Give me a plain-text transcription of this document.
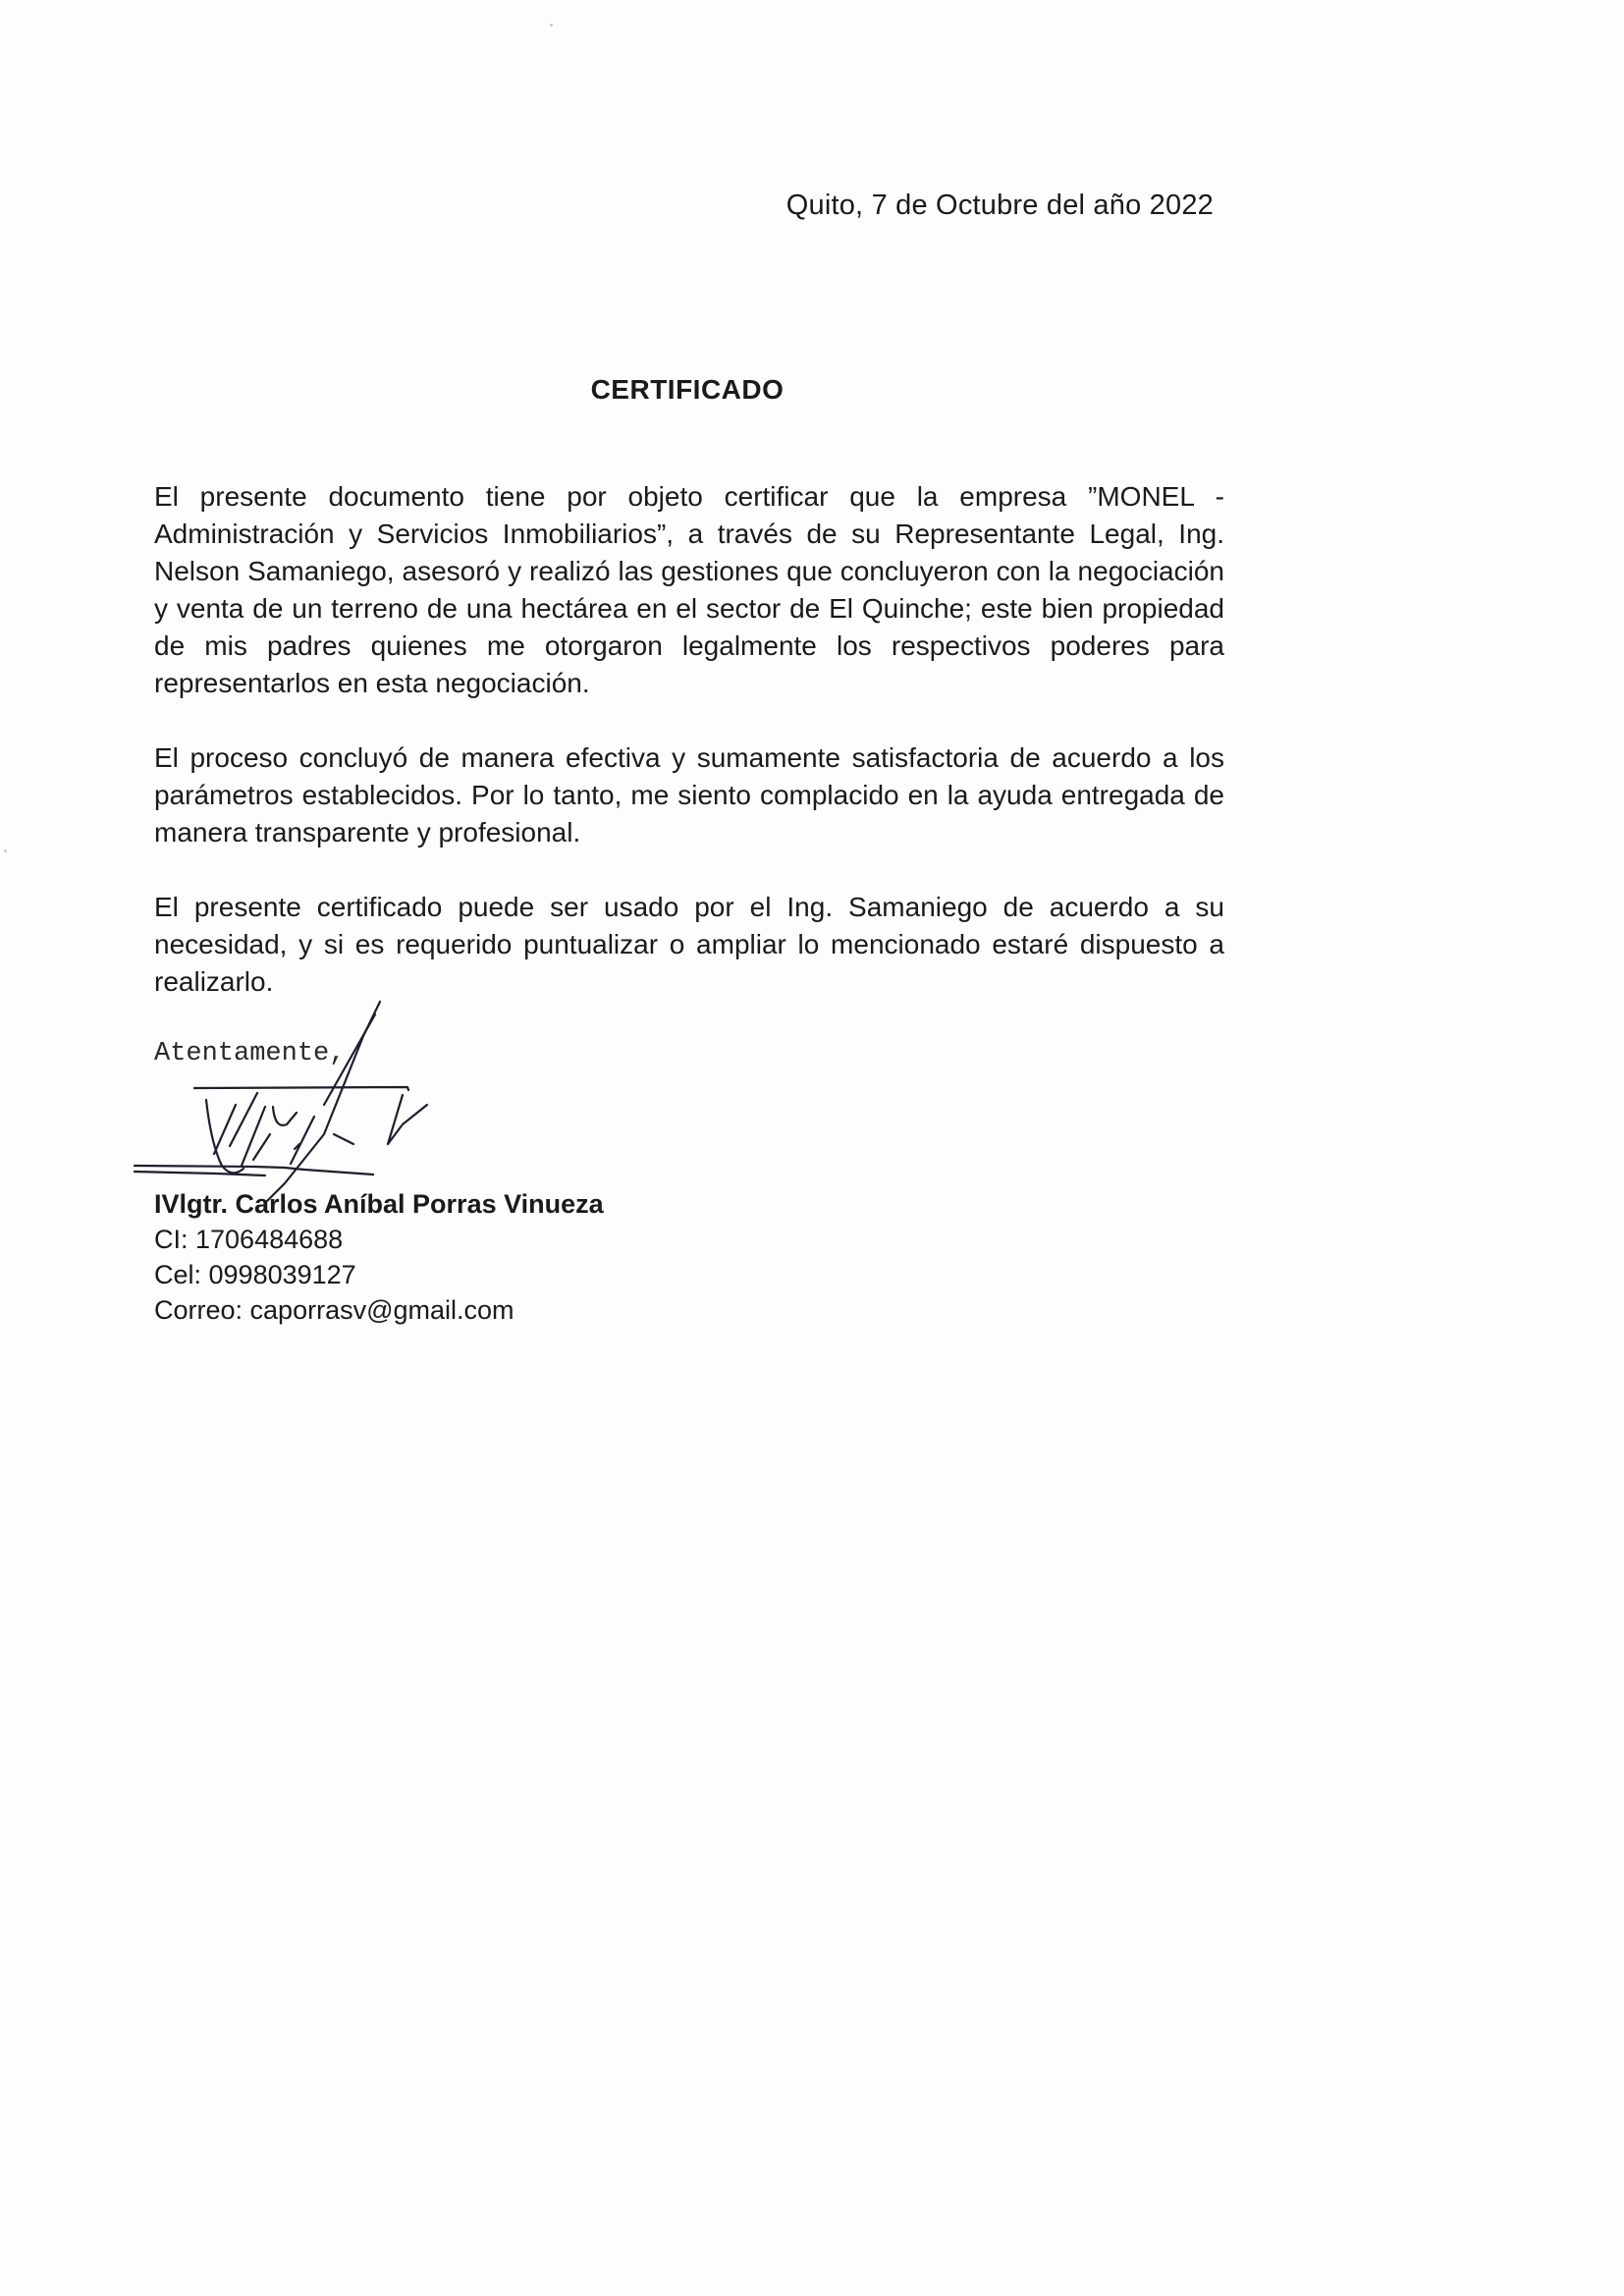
Quito, 7 de Octubre del año 2022
CERTIFICADO

El presente documento tiene por objeto certificar que la empresa ”MONEL - Administración y Servicios Inmobiliarios”, a través de su Representante Legal, Ing. Nelson Samaniego, asesoró y realizó las gestiones que concluyeron con la negociación y venta de un terreno de una hectárea en el sector de El Quinche; este bien propiedad de mis padres quienes me otorgaron legalmente los respectivos poderes para representarlos en esta negociación.

El proceso concluyó de manera efectiva y sumamente satisfactoria de acuerdo a los parámetros establecidos. Por lo tanto, me siento complacido en la ayuda entregada de manera transparente y profesional.

El presente certificado puede ser usado por el Ing. Samaniego de acuerdo a su necesidad, y si es requerido puntualizar o ampliar lo mencionado estaré dispuesto a realizarlo.

Atentamente,
IVlgtr. Carlos Aníbal Porras Vinueza
CI: 1706484688
Cel: 0998039127
Correo: caporrasv@gmail.com
